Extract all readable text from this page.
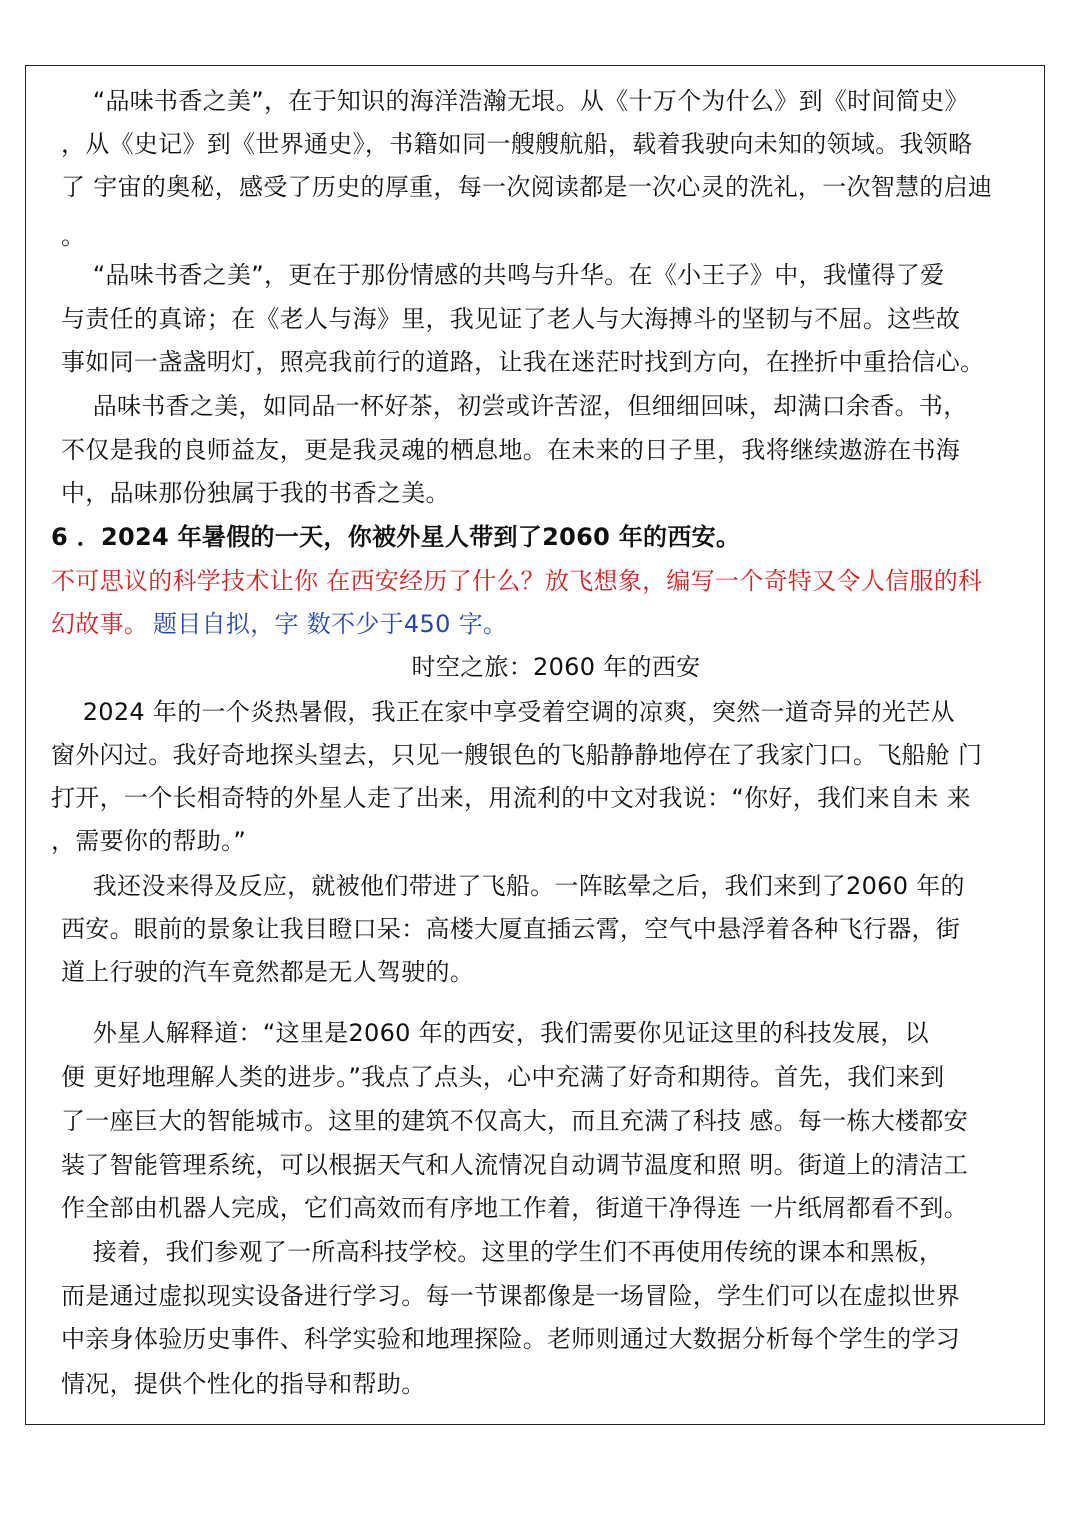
“品味书香之美”，在于知识的海洋浩瀚无垠。从《十万个为什么》到《时间简史》
，从《史记》到《世界通史》，书籍如同一艘艘航船，载着我驶向未知的领域。我领略
了 宇宙的奥秘，感受了历史的厚重，每一次阅读都是一次心灵的洗礼，一次智慧的启迪
。
“品味书香之美”，更在于那份情感的共鸣与升华。在《小王子》中，我懂得了爱
与责任的真谛；在《老人与海》里，我见证了老人与大海搏斗的坚韧与不屈。这些故
事如同一盏盏明灯，照亮我前行的道路，让我在迷茫时找到方向，在挫折中重拾信心。
品味书香之美，如同品一杯好茶，初尝或许苦涩，但细细回味，却满口余香。书，
不仅是我的良师益友，更是我灵魂的栖息地。在未来的日子里，我将继续遨游在书海
中，品味那份独属于我的书香之美。
6 ．2024 年暑假的一天，你被外星人带到了2060 年的西安。
不可思议的科学技术让你 在西安经历了什么？放飞想象，编写一个奇特又令人信服的科
幻故事。 题目自拟，字 数不少于450 字。
时空之旅：2060 年的西安
2024 年的一个炎热暑假，我正在家中享受着空调的凉爽，突然一道奇异的光芒从
窗外闪过。我好奇地探头望去，只见一艘银色的飞船静静地停在了我家门口。飞船舱 门
打开，一个长相奇特的外星人走了出来，用流利的中文对我说：“你好，我们来自未 来
，需要你的帮助。”
我还没来得及反应，就被他们带进了飞船。一阵眩晕之后，我们来到了2060 年的
西安。眼前的景象让我目瞪口呆：高楼大厦直插云霄，空气中悬浮着各种飞行器，街
道上行驶的汽车竟然都是无人驾驶的。
外星人解释道：“这里是2060 年的西安，我们需要你见证这里的科技发展，以
便 更好地理解人类的进步。”我点了点头，心中充满了好奇和期待。首先，我们来到
了一座巨大的智能城市。这里的建筑不仅高大，而且充满了科技 感。每一栋大楼都安
装了智能管理系统，可以根据天气和人流情况自动调节温度和照 明。街道上的清洁工
作全部由机器人完成，它们高效而有序地工作着，街道干净得连 一片纸屑都看不到。
接着，我们参观了一所高科技学校。这里的学生们不再使用传统的课本和黑板，
而是通过虚拟现实设备进行学习。每一节课都像是一场冒险，学生们可以在虚拟世界
中亲身体验历史事件、科学实验和地理探险。老师则通过大数据分析每个学生的学习
情况，提供个性化的指导和帮助。
